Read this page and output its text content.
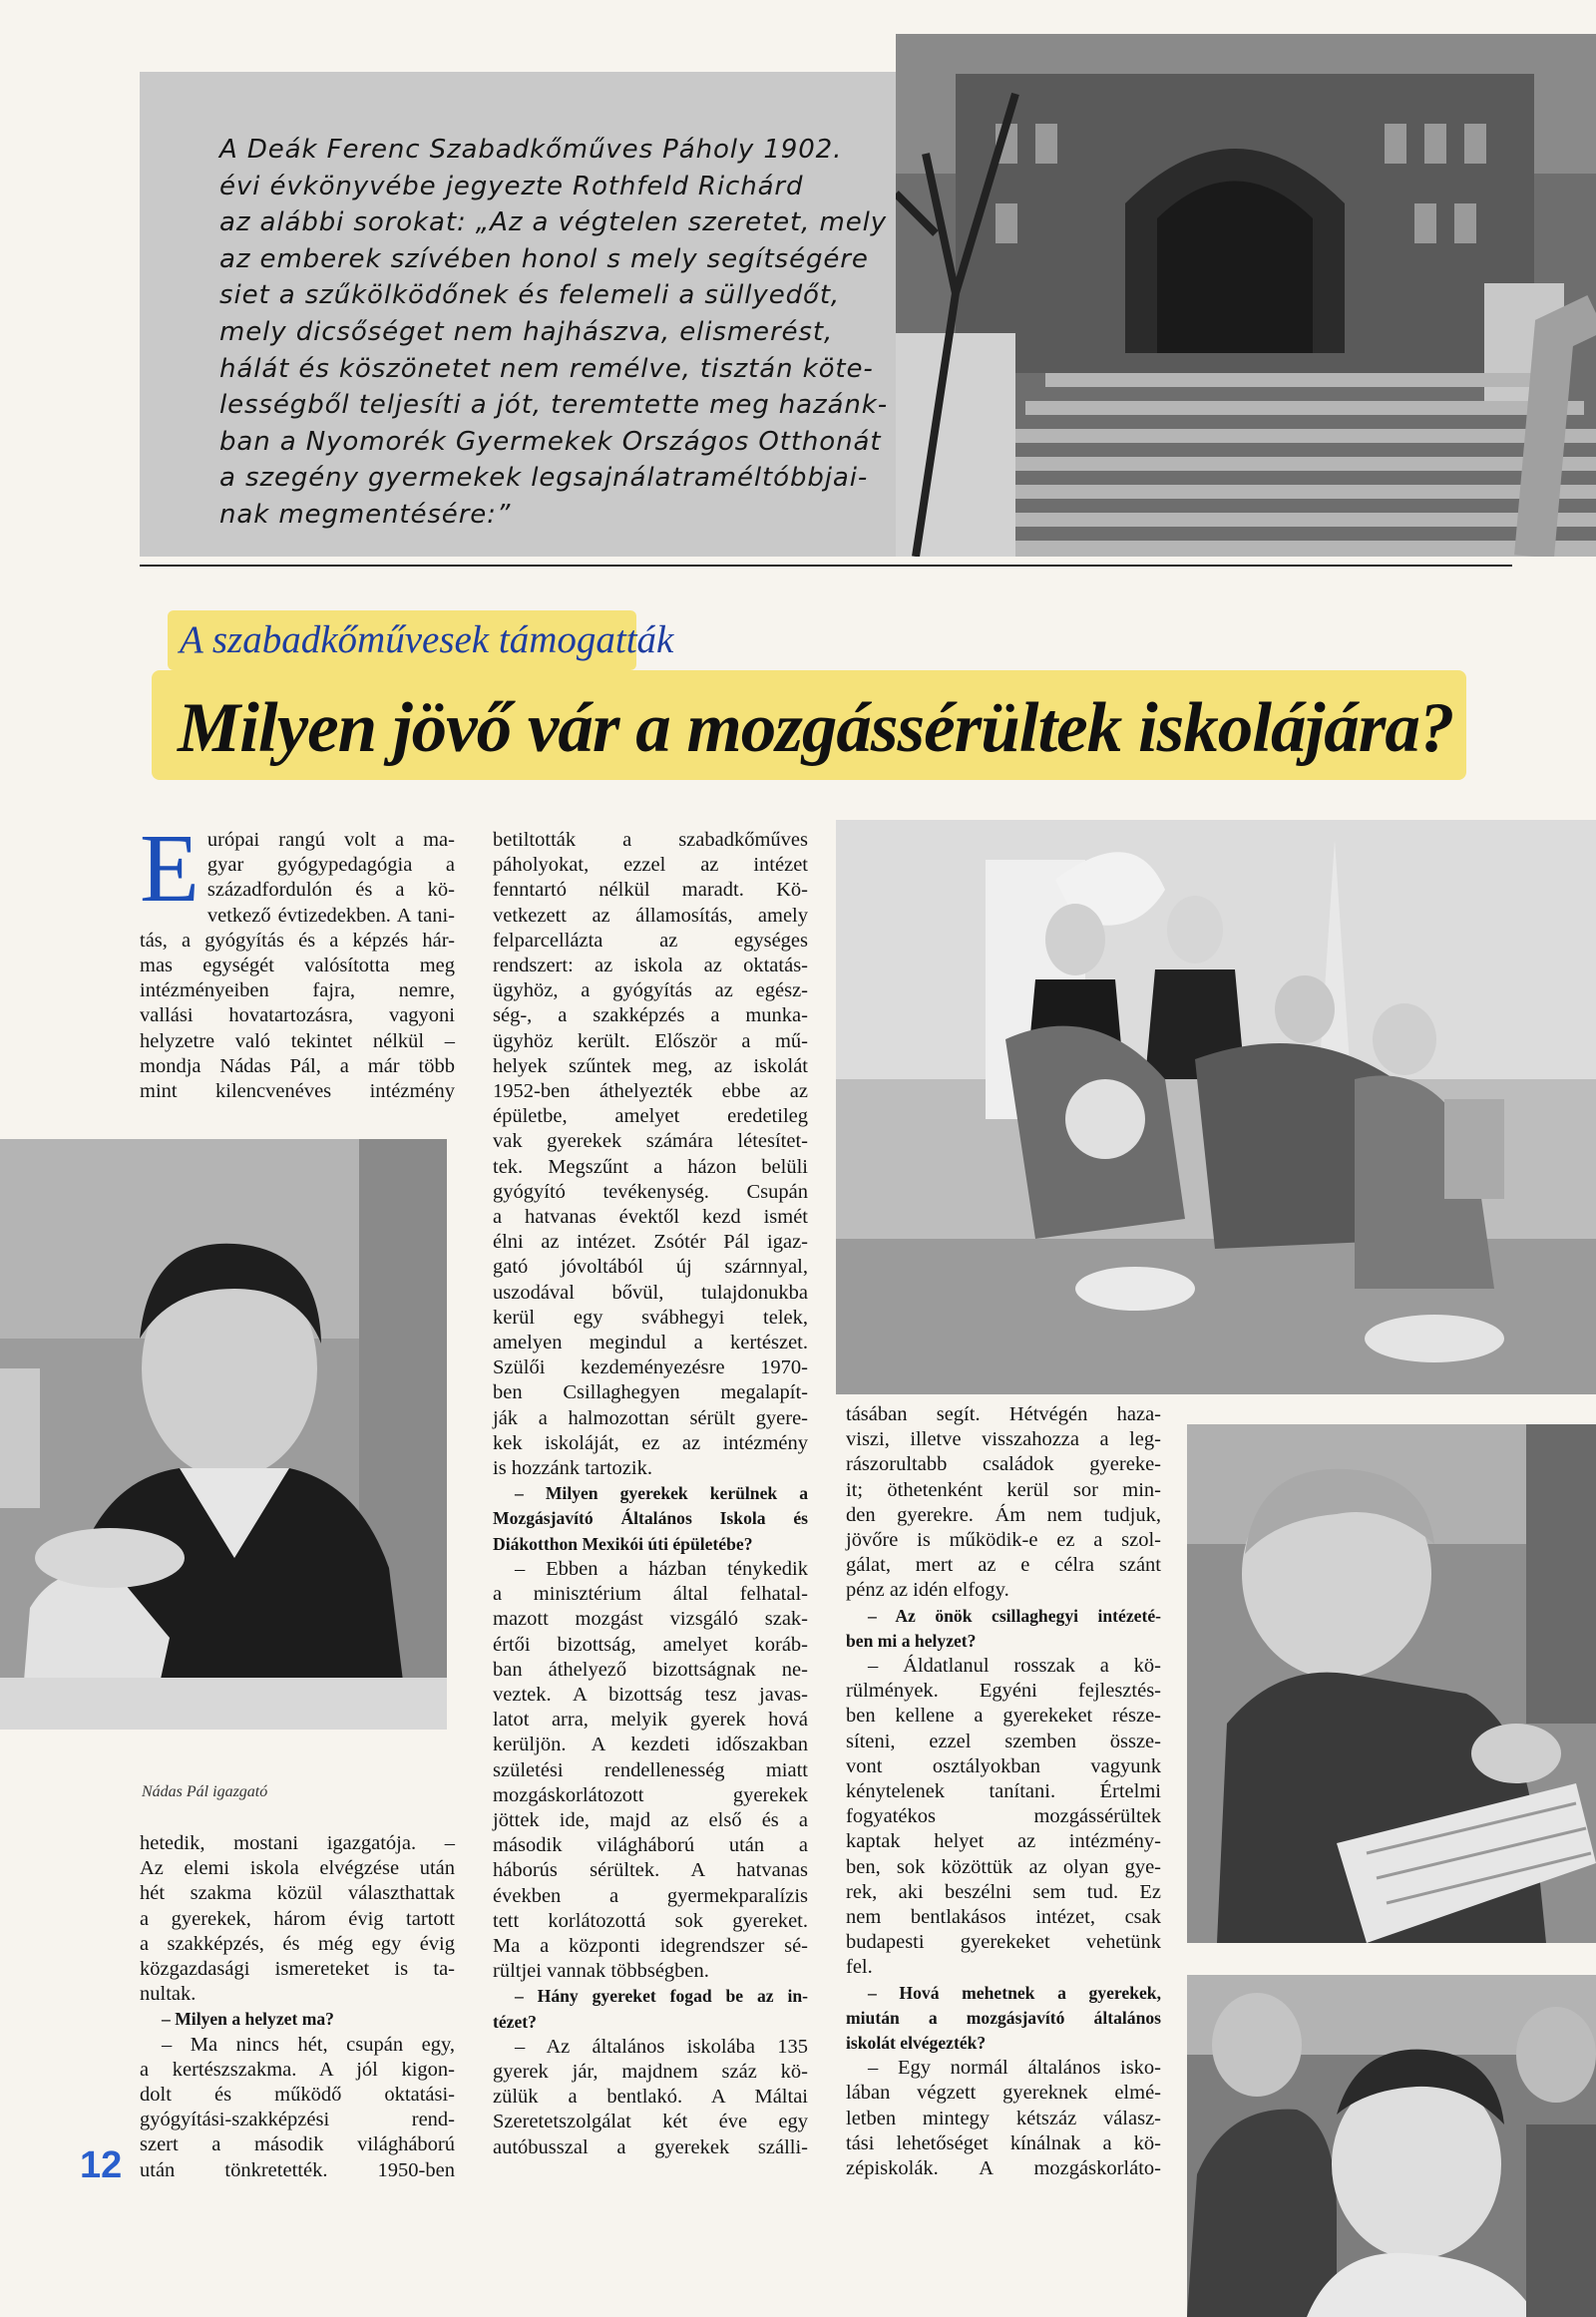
A Deák Ferenc Szabadkőműves Páholy 1902.
évi évkönyvébe jegyezte Rothfeld Richárd
az alábbi sorokat: „Az a végtelen szeretet, mely
az emberek szívében honol s mely segítségére
siet a szűkölködőnek és felemeli a süllyedőt,
mely dicsőséget nem hajhászva, elismerést,
hálát és köszönetet nem remélve, tisztán köte-
lességből teljesíti a jót, teremtette meg hazánk-
ban a Nyomorék Gyermekek Országos Otthonát
a szegény gyermekek legsajnálatraméltóbbjai-
nak megmentésére:”
A szabadkőművesek támogatták
Milyen jövő vár a mozgássérültek iskolájára?
E urópai rangú volt a ma-
gyar gyógypedagógia a
századfordulón és a kö-
vetkező évtizedekben. A tani-
tás, a gyógyítás és a képzés hár-
mas egységét valósította meg
intézményeiben fajra, nemre,
vallási hovatartozásra, vagyoni
helyzetre való tekintet nélkül –
mondja Nádas Pál, a már több
mint kilencvenéves intézmény

Nádas Pál igazgató

hetedik, mostani igazgatója. –
Az elemi iskola elvégzése után
hét szakma közül választhattak
a gyerekek, három évig tartott
a szakképzés, és még egy évig
közgazdasági ismereteket is ta-
nultak.
– Milyen a helyzet ma?
– Ma nincs hét, csupán egy,
a kertészszakma. A jól kigon-
dolt és működő oktatási-
gyógyítási-szakképzési rend-
szert a második világháború
után tönkretették. 1950-ben
betiltották a szabadkőműves
páholyokat, ezzel az intézet
fenntartó nélkül maradt. Kö-
vetkezett az államosítás, amely
felparcellázta az egységes
rendszert: az iskola az oktatás-
ügyhöz, a gyógyítás az egész-
ség-, a szakképzés a munka-
ügyhöz került. Először a mű-
helyek szűntek meg, az iskolát
1952-ben áthelyezték ebbe az
épületbe, amelyet eredetileg
vak gyerekek számára létesítet-
tek. Megszűnt a házon belüli
gyógyító tevékenység. Csupán
a hatvanas évektől kezd ismét
élni az intézet. Zsótér Pál igaz-
gató jóvoltából új szárnnyal,
uszodával bővül, tulajdonukba
kerül egy svábhegyi telek,
amelyen megindul a kertészet.
Szülői kezdeményezésre 1970-
ben Csillaghegyen megalapít-
ják a halmozottan sérült gyere-
kek iskoláját, ez az intézmény
is hozzánk tartozik.
– Milyen gyerekek kerülnek a
Mozgásjavító Általános Iskola és
Diákotthon Mexikói úti épületébe?
– Ebben a házban ténykedik
a minisztérium által felhatal-
mazott mozgást vizsgáló szak-
értői bizottság, amelyet koráb-
ban áthelyező bizottságnak ne-
veztek. A bizottság tesz javas-
latot arra, melyik gyerek hová
kerüljön. A kezdeti időszakban
születési rendellenesség miatt
mozgáskorlátozott gyerekek
jöttek ide, majd az első és a
második világháború után a
háborús sérültek. A hatvanas
években a gyermekparalízis
tett korlátozottá sok gyereket.
Ma a központi idegrendszer sé-
rültjei vannak többségben.
– Hány gyereket fogad be az in-
tézet?
– Az általános iskolába 135
gyerek jár, majdnem száz kö-
zülük a bentlakó. A Máltai
Szeretetszolgálat két éve egy
autóbusszal a gyerekek szálli-
tásában segít. Hétvégén haza-
viszi, illetve visszahozza a leg-
rászorultabb családok gyereke-
it; öthetenként kerül sor min-
den gyerekre. Ám nem tudjuk,
jövőre is működik-e ez a szol-
gálat, mert az e célra szánt
pénz az idén elfogy.
– Az önök csillaghegyi intézeté-
ben mi a helyzet?
– Áldatlanul rosszak a kö-
rülmények. Egyéni fejlesztés-
ben kellene a gyerekeket része-
síteni, ezzel szemben össze-
vont osztályokban vagyunk
kénytelenek tanítani. Értelmi
fogyatékos mozgássérültek
kaptak helyet az intézmény-
ben, sok közöttük az olyan gye-
rek, aki beszélni sem tud. Ez
nem bentlakásos intézet, csak
budapesti gyerekeket vehetünk
fel.
– Hová mehetnek a gyerekek,
miután a mozgásjavító általános
iskolát elvégezték?
– Egy normál általános isko-
lában végzett gyereknek elmé-
letben mintegy kétszáz válasz-
tási lehetőséget kínálnak a kö-
zépiskolák. A mozgáskorláto-

12
